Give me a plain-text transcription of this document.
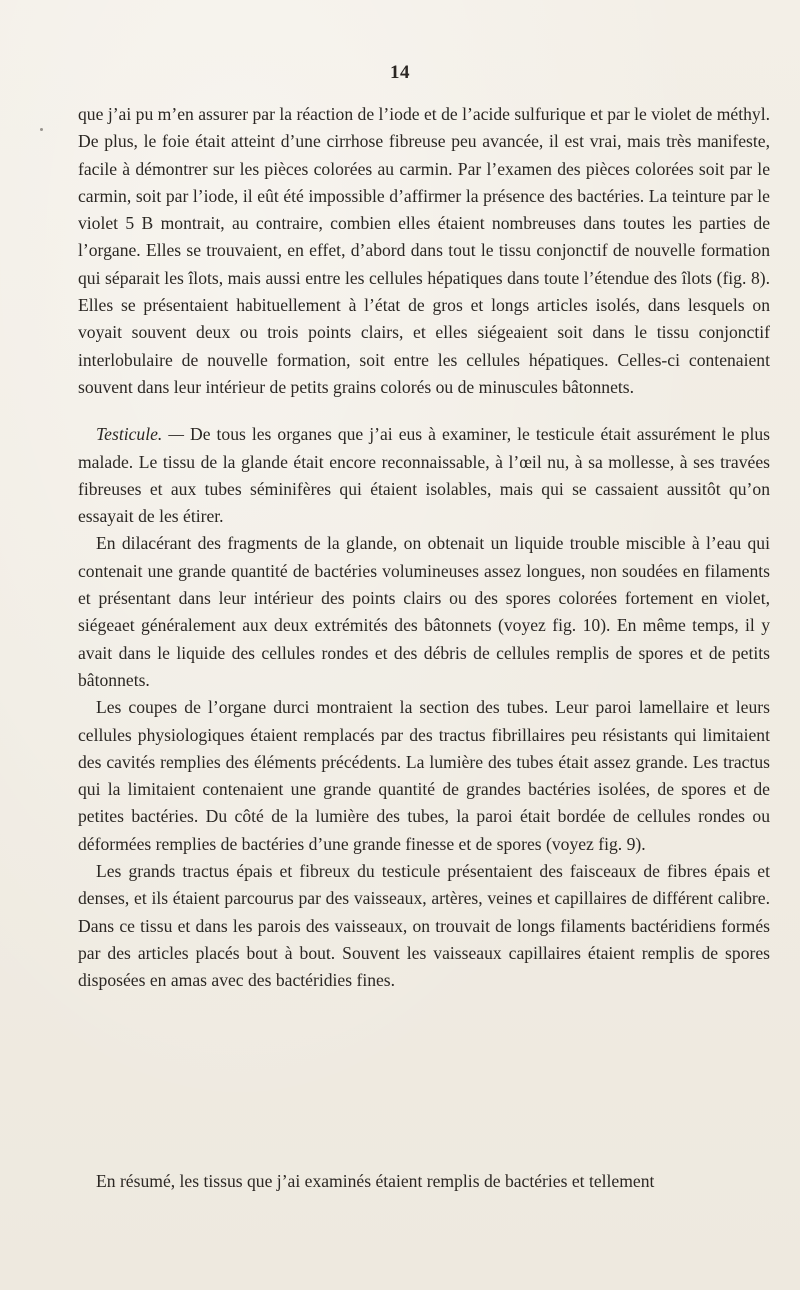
14

que j’ai pu m’en assurer par la réaction de l’iode et de l’acide sulfurique et par le violet de méthyl. De plus, le foie était atteint d’une cirrhose fibreuse peu avancée, il est vrai, mais très manifeste, facile à démontrer sur les pièces colorées au carmin. Par l’examen des pièces colorées soit par le carmin, soit par l’iode, il eût été impossible d’affirmer la présence des bactéries. La teinture par le violet 5 B montrait, au contraire, combien elles étaient nombreuses dans toutes les parties de l’organe. Elles se trouvaient, en effet, d’abord dans tout le tissu conjonctif de nouvelle formation qui séparait les îlots, mais aussi entre les cellules hépatiques dans toute l’étendue des îlots (fig. 8). Elles se présentaient habituellement à l’état de gros et longs articles isolés, dans lesquels on voyait souvent deux ou trois points clairs, et elles siégeaient soit dans le tissu conjonctif interlobulaire de nouvelle formation, soit entre les cellules hépatiques. Celles-ci contenaient souvent dans leur intérieur de petits grains colorés ou de minuscules bâtonnets.

Testicule. — De tous les organes que j’ai eus à examiner, le testicule était assurément le plus malade. Le tissu de la glande était encore reconnaissable, à l’œil nu, à sa mollesse, à ses travées fibreuses et aux tubes séminifères qui étaient isolables, mais qui se cassaient aussitôt qu’on essayait de les étirer.

En dilacérant des fragments de la glande, on obtenait un liquide trouble miscible à l’eau qui contenait une grande quantité de bactéries volumineuses assez longues, non soudées en filaments et présentant dans leur intérieur des points clairs ou des spores colorées fortement en violet, siégeaet généralement aux deux extrémités des bâtonnets (voyez fig. 10). En même temps, il y avait dans le liquide des cellules rondes et des débris de cellules remplis de spores et de petits bâtonnets.

Les coupes de l’organe durci montraient la section des tubes. Leur paroi lamellaire et leurs cellules physiologiques étaient remplacés par des tractus fibrillaires peu résistants qui limitaient des cavités remplies des éléments précédents. La lumière des tubes était assez grande. Les tractus qui la limitaient contenaient une grande quantité de grandes bactéries isolées, de spores et de petites bactéries. Du côté de la lumière des tubes, la paroi était bordée de cellules rondes ou déformées remplies de bactéries d’une grande finesse et de spores (voyez fig. 9).

Les grands tractus épais et fibreux du testicule présentaient des faisceaux de fibres épais et denses, et ils étaient parcourus par des vaisseaux, artères, veines et capillaires de différent calibre. Dans ce tissu et dans les parois des vaisseaux, on trouvait de longs filaments bactéridiens formés par des articles placés bout à bout. Souvent les vaisseaux capillaires étaient remplis de spores disposées en amas avec des bactéridies fines.

En résumé, les tissus que j’ai examinés étaient remplis de bactéries et tellement
